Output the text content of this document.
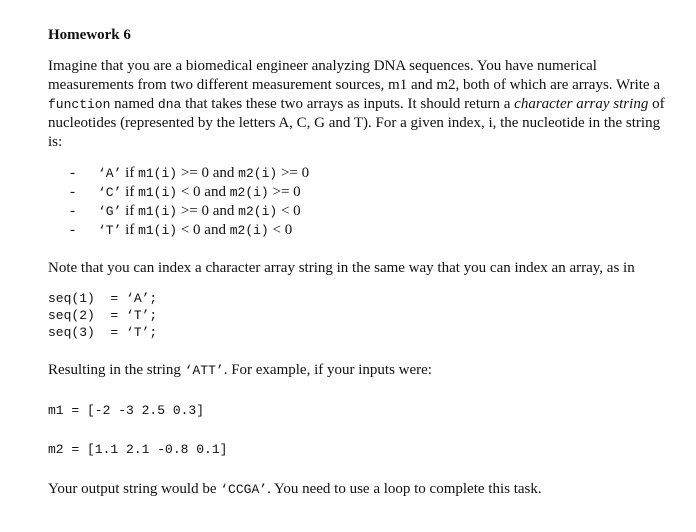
Homework 6

Imagine that you are a biomedical engineer analyzing DNA sequences. You have numerical measurements from two different measurement sources, m1 and m2, both of which are arrays. Write a function named dna that takes these two arrays as inputs. It should return a character array string of nucleotides (represented by the letters A, C, G and T). For a given index, i, the nucleotide in the string is:

- ‘A’ if m1(i) >= 0 and m2(i) >= 0
- ‘C’ if m1(i) < 0 and m2(i) >= 0
- ‘G’ if m1(i) >= 0 and m2(i) < 0
- ‘T’ if m1(i) < 0 and m2(i) < 0

Note that you can index a character array string in the same way that you can index an array, as in

seq(1)  = ‘A’;
seq(2)  = ‘T’;
seq(3)  = ‘T’;

Resulting in the string ‘ATT’. For example, if your inputs were:

m1 = [-2 -3 2.5 0.3]
m2 = [1.1 2.1 -0.8 0.1]

Your output string would be ‘CCGA’. You need to use a loop to complete this task.
